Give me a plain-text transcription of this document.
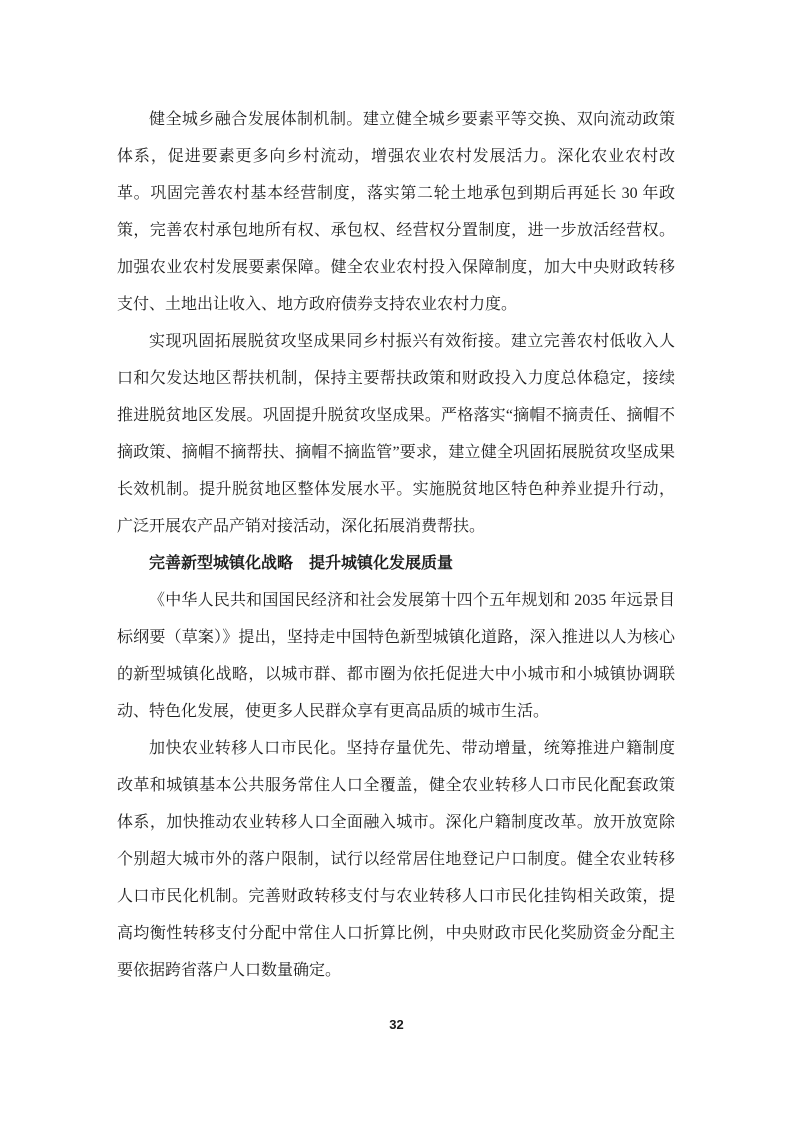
健全城乡融合发展体制机制。建立健全城乡要素平等交换、双向流动政策体系，促进要素更多向乡村流动，增强农业农村发展活力。深化农业农村改革。巩固完善农村基本经营制度，落实第二轮土地承包到期后再延长 30 年政策，完善农村承包地所有权、承包权、经营权分置制度，进一步放活经营权。加强农业农村发展要素保障。健全农业农村投入保障制度，加大中央财政转移支付、土地出让收入、地方政府债券支持农业农村力度。

实现巩固拓展脱贫攻坚成果同乡村振兴有效衔接。建立完善农村低收入人口和欠发达地区帮扶机制，保持主要帮扶政策和财政投入力度总体稳定，接续推进脱贫地区发展。巩固提升脱贫攻坚成果。严格落实“摘帽不摘责任、摘帽不摘政策、摘帽不摘帮扶、摘帽不摘监管”要求，建立健全巩固拓展脱贫攻坚成果长效机制。提升脱贫地区整体发展水平。实施脱贫地区特色种养业提升行动，广泛开展农产品产销对接活动，深化拓展消费帮扶。

完善新型城镇化战略　提升城镇化发展质量

《中华人民共和国国民经济和社会发展第十四个五年规划和 2035 年远景目标纲要（草案）》提出，坚持走中国特色新型城镇化道路，深入推进以人为核心的新型城镇化战略，以城市群、都市圈为依托促进大中小城市和小城镇协调联动、特色化发展，使更多人民群众享有更高品质的城市生活。

加快农业转移人口市民化。坚持存量优先、带动增量，统筹推进户籍制度改革和城镇基本公共服务常住人口全覆盖，健全农业转移人口市民化配套政策体系，加快推动农业转移人口全面融入城市。深化户籍制度改革。放开放宽除个别超大城市外的落户限制，试行以经常居住地登记户口制度。健全农业转移人口市民化机制。完善财政转移支付与农业转移人口市民化挂钩相关政策，提高均衡性转移支付分配中常住人口折算比例，中央财政市民化奖励资金分配主要依据跨省落户人口数量确定。

32
